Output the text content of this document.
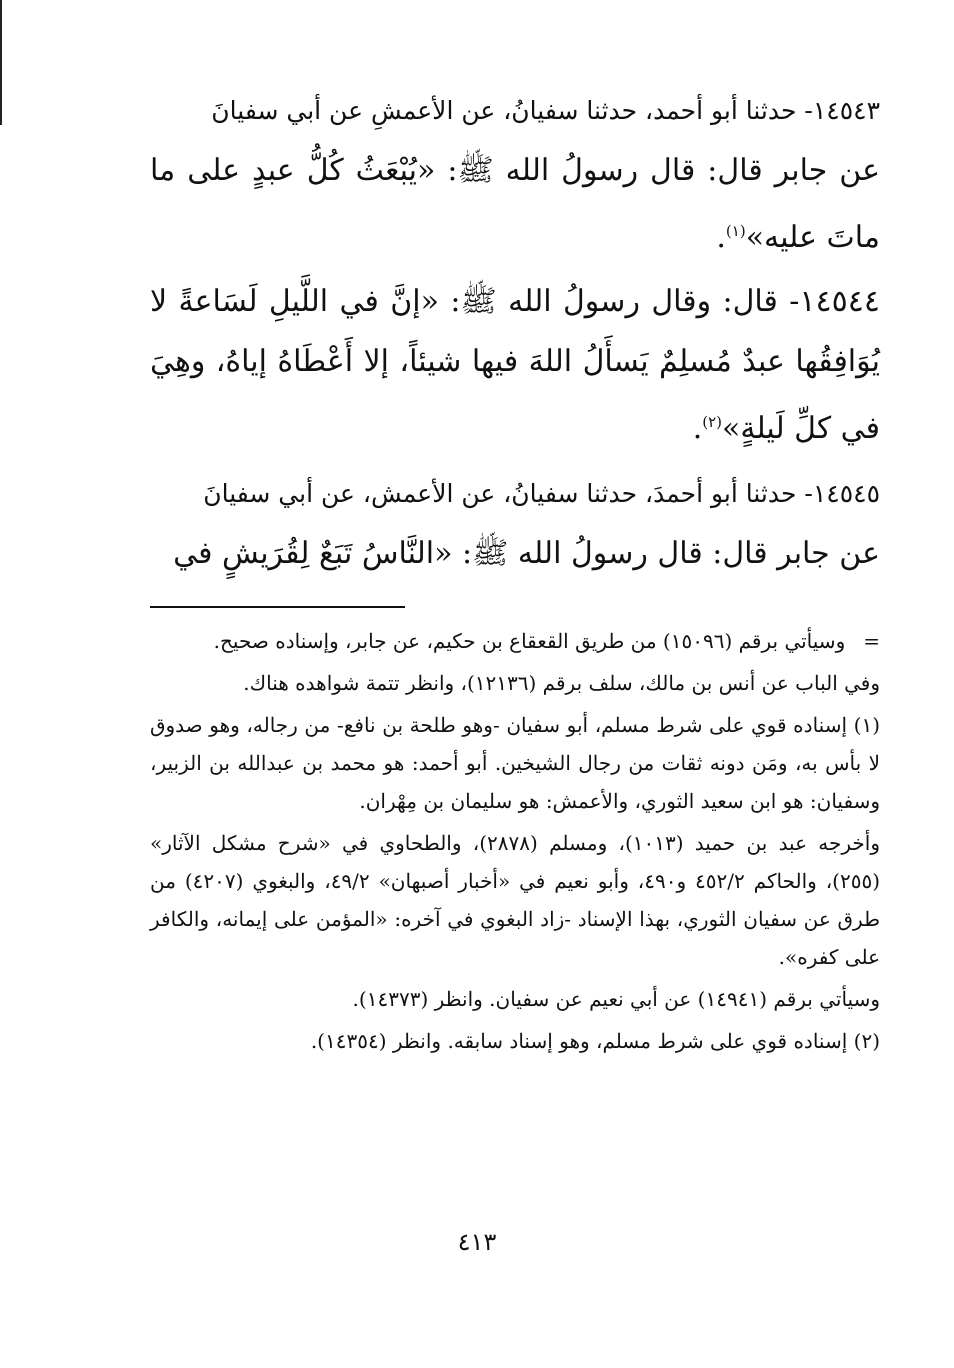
١٤٥٤٣- حدثنا أبو أحمد، حدثنا سفيانُ، عن الأعمشِ عن أبي سفيانَ
عن جابر قال: قال رسولُ الله ﷺ: «يُبْعَثُ كُلُّ عبدٍ على ما ماتَ عليه»$^{(١)}$.

١٤٥٤٤- قال: وقال رسولُ الله ﷺ: «إنَّ في اللَّيلِ لَسَاعةً لا يُوَافِقُها عبدٌ مُسلِمٌ يَسأَلُ اللهَ فيها شيئاً، إلا أَعْطَاهُ إياهُ، وهِيَ في كلِّ لَيلةٍ»$^{(٢)}$.

١٤٥٤٥- حدثنا أبو أحمدَ، حدثنا سفيانُ، عن الأعمش، عن أبي سفيانَ
عن جابر قال: قال رسولُ الله ﷺ: «النَّاسُ تَبَعٌ لِقُرَيشٍ في

=وسيأتي برقم (١٥٠٩٦) من طريق القعقاع بن حكيم، عن جابر، وإسناده صحيح.

وفي الباب عن أنس بن مالك، سلف برقم (١٢١٣٦)، وانظر تتمة شواهده هناك.

(١) إسناده قوي على شرط مسلم، أبو سفيان -وهو طلحة بن نافع- من رجاله، وهو صدوق لا بأس به، ومَن دونه ثقات من رجال الشيخين. أبو أحمد: هو محمد بن عبدالله بن الزبير، وسفيان: هو ابن سعيد الثوري، والأعمش: هو سليمان بن مِهْران.

وأخرجه عبد بن حميد (١٠١٣)، ومسلم (٢٨٧٨)، والطحاوي في «شرح مشكل الآثار» (٢٥٥)، والحاكم ٤٥٢/٢ و٤٩٠، وأبو نعيم في «أخبار أصبهان» ٤٩/٢، والبغوي (٤٢٠٧) من طرق عن سفيان الثوري، بهذا الإسناد -زاد البغوي في آخره: «المؤمن على إيمانه، والكافر على كفره».

وسيأتي برقم (١٤٩٤١) عن أبي نعيم عن سفيان. وانظر (١٤٣٧٣).

(٢) إسناده قوي على شرط مسلم، وهو إسناد سابقه. وانظر (١٤٣٥٤).

٤١٣
